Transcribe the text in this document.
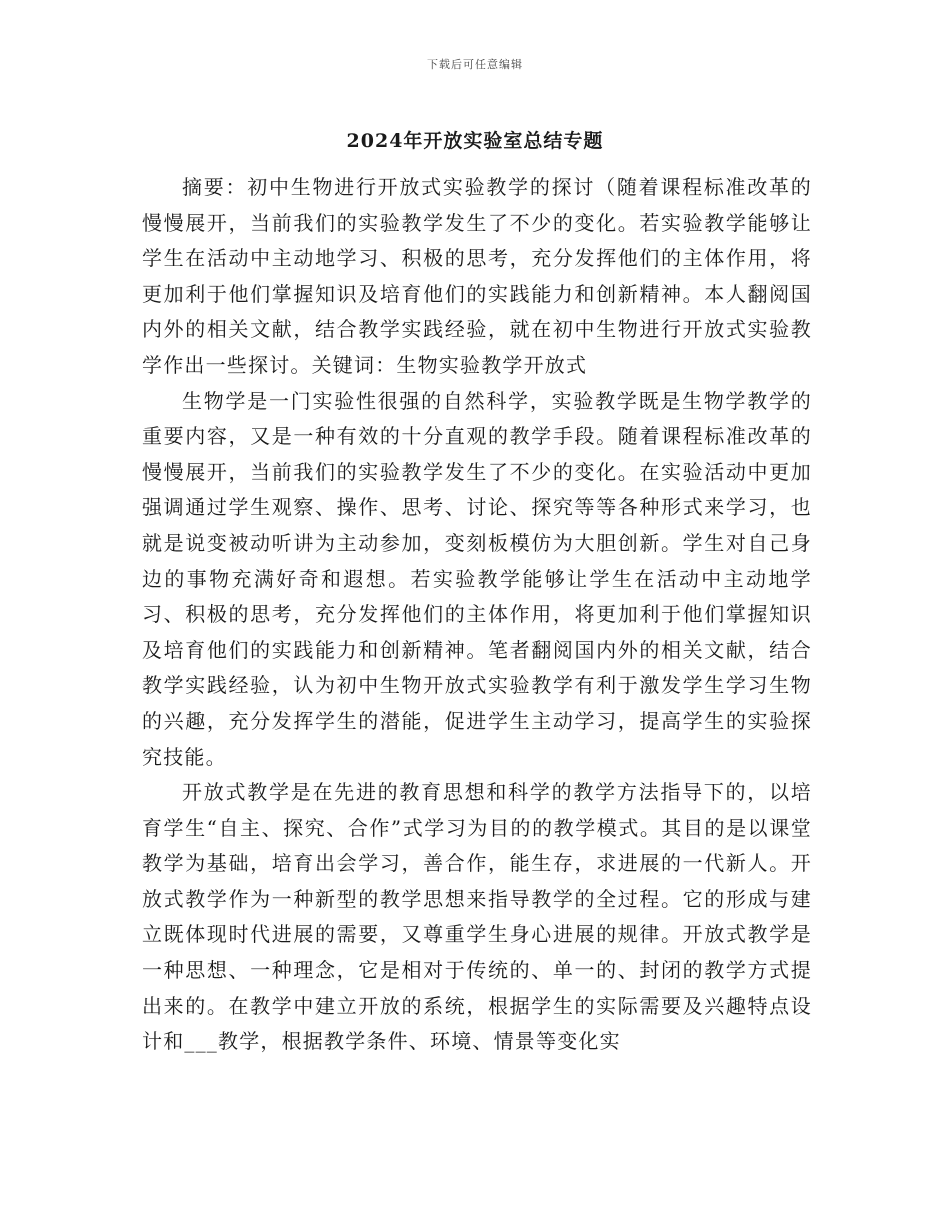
下载后可任意编辑
2024年开放实验室总结专题

摘要：初中生物进行开放式实验教学的探讨（随着课程标准改革的慢慢展开，当前我们的实验教学发生了不少的变化。若实验教学能够让学生在活动中主动地学习、积极的思考，充分发挥他们的主体作用，将更加利于他们掌握知识及培育他们的实践能力和创新精神。本人翻阅国内外的相关文献，结合教学实践经验，就在初中生物进行开放式实验教学作出一些探讨。关键词：生物实验教学开放式

生物学是一门实验性很强的自然科学，实验教学既是生物学教学的重要内容，又是一种有效的十分直观的教学手段。随着课程标准改革的慢慢展开，当前我们的实验教学发生了不少的变化。在实验活动中更加强调通过学生观察、操作、思考、讨论、探究等等各种形式来学习，也就是说变被动听讲为主动参加，变刻板模仿为大胆创新。学生对自己身边的事物充满好奇和遐想。若实验教学能够让学生在活动中主动地学习、积极的思考，充分发挥他们的主体作用，将更加利于他们掌握知识及培育他们的实践能力和创新精神。笔者翻阅国内外的相关文献，结合教学实践经验，认为初中生物开放式实验教学有利于激发学生学习生物的兴趣，充分发挥学生的潜能，促进学生主动学习，提高学生的实验探究技能。

开放式教学是在先进的教育思想和科学的教学方法指导下的，以培育学生“自主、探究、合作”式学习为目的的教学模式。其目的是以课堂教学为基础，培育出会学习，善合作，能生存，求进展的一代新人。开放式教学作为一种新型的教学思想来指导教学的全过程。它的形成与建立既体现时代进展的需要，又尊重学生身心进展的规律。开放式教学是一种思想、一种理念，它是相对于传统的、单一的、封闭的教学方式提出来的。在教学中建立开放的系统，根据学生的实际需要及兴趣特点设计和___教学，根据教学条件、环境、情景等变化实
